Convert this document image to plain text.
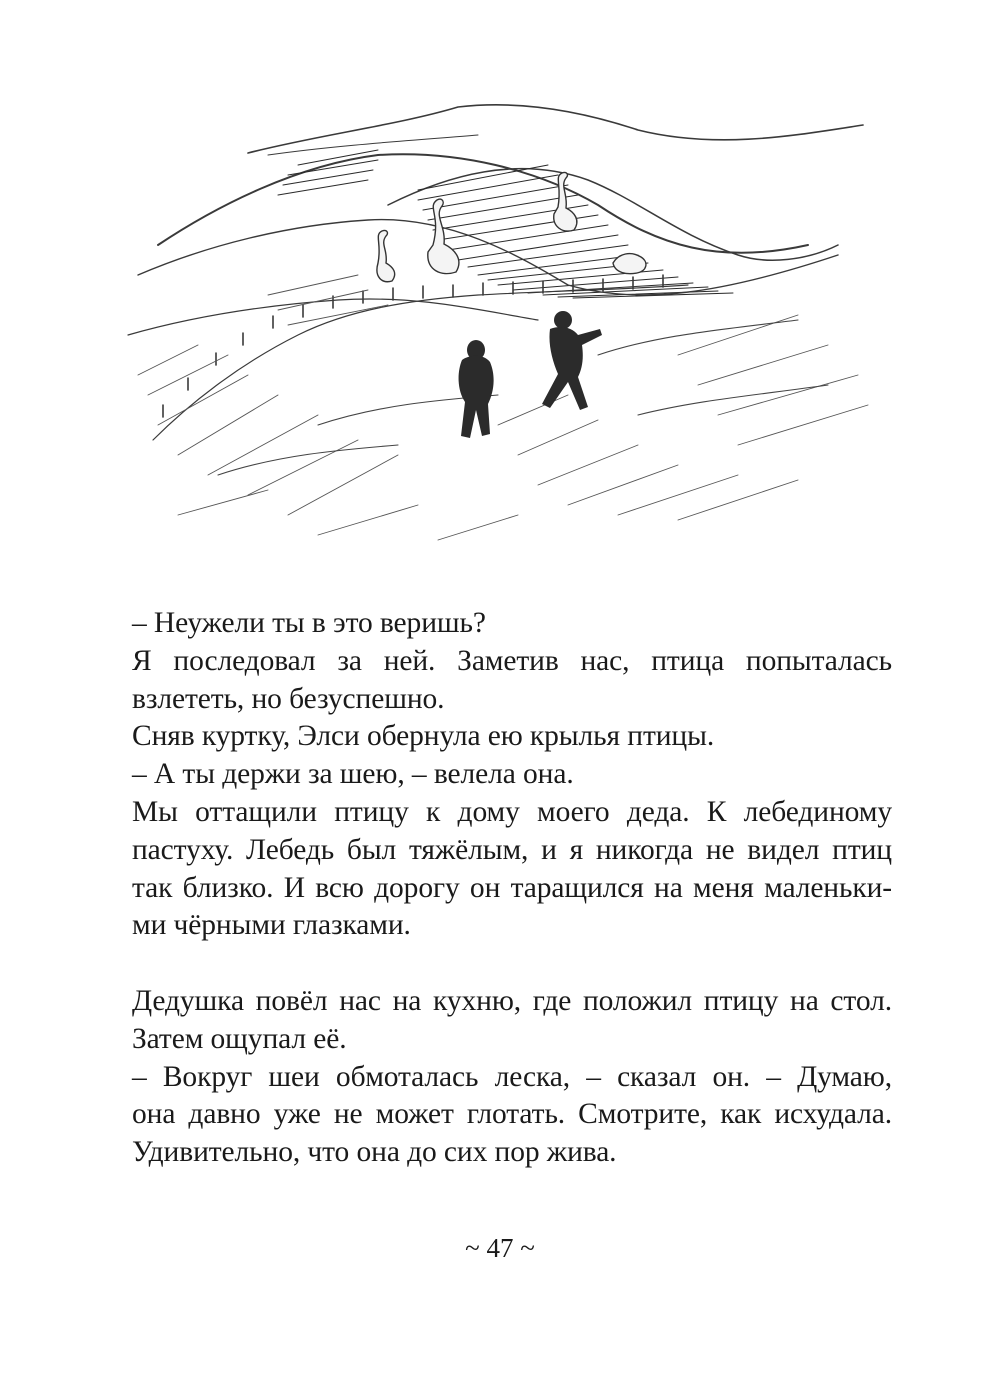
– Неужели ты в это веришь?
Я последовал за ней. Заметив нас, птица попыталась
взлететь, но безуспешно.
Сняв куртку, Элси обернула ею крылья птицы.
– А ты держи за шею, – велела она.
Мы оттащили птицу к дому моего деда. К лебединому
пастуху. Лебедь был тяжёлым, и я никогда не видел птиц
так близко. И всю дорогу он таращился на меня маленьки-
ми чёрными глазками.
Дедушка повёл нас на кухню, где положил птицу на стол.
Затем ощупал её.
– Вокруг шеи обмоталась леска, – сказал он. – Думаю,
она давно уже не может глотать. Смотрите, как исхудала.
Удивительно, что она до сих пор жива.
~ 47 ~
